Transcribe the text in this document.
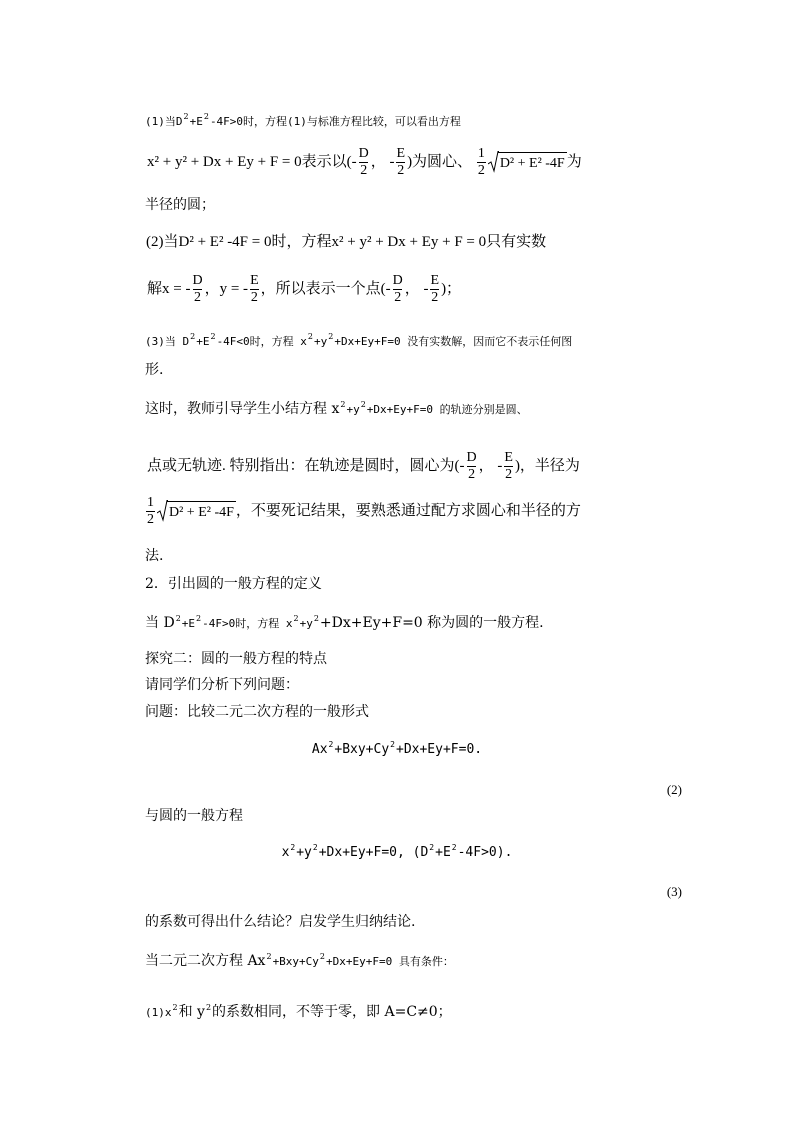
(1)当$D^2+E^2-4F>0$时，方程(1)与标准方程比较，可以看出方程
x² + y² + Dx + Ey + F = 0表示以(- $\frac{D}{2}$ ， - $\frac{E}{2}$ )为圆心、 $\frac{1}{2} D^2 + E^2$ -4F 为
半径的圆；
(2)当D² + E² -4F = 0时，方程x² + y² + Dx + Ey + F = 0只有实数
解x = - $\frac{D}{2}$ ，y = - $\frac{E}{2}$ ，所以表示一个点(- $\frac{D}{2}$ ， - $\frac{E}{2}$ )；
(3)当 $D^2+E^2-4F<0$时，方程 $x^2+y^2+Dx+Ey+F=0$ 没有实数解，因而它不表示任何图
形.
这时，教师引导学生小结方程 $x^2+y^2+Dx+Ey+F=0$ 的轨迹分别是圆、
点或无轨迹. 特别指出：在轨迹是圆时，圆心为(- $\frac{D}{2}$ ， - $\frac{E}{2}$ )，半径为
$\frac{1}{2} D^2 + E^2$ -4F ，不要死记结果，要熟悉通过配方求圆心和半径的方
法.
2．引出圆的一般方程的定义
当 $D^2+E^2-4F>0$时，方程 $x^2+y^2+Dx+Ey+F=0$ 称为圆的一般方程.
探究二：圆的一般方程的特点
请同学们分析下列问题：
问题：比较二元二次方程的一般形式
$Ax^2+Bxy+Cy^2+Dx+Ey+F=0$.
(2)
与圆的一般方程
$x^2+y^2+Dx+Ey+F=0$, $(D^2+E^2-4F>0)$.
(3)
的系数可得出什么结论？启发学生归纳结论.
当二元二次方程 $Ax^2+Bxy+Cy^2+Dx+Ey+F=0$ 具有条件：
$(1)x^2$和 $y^2$的系数相同，不等于零，即 A=C≠0；
